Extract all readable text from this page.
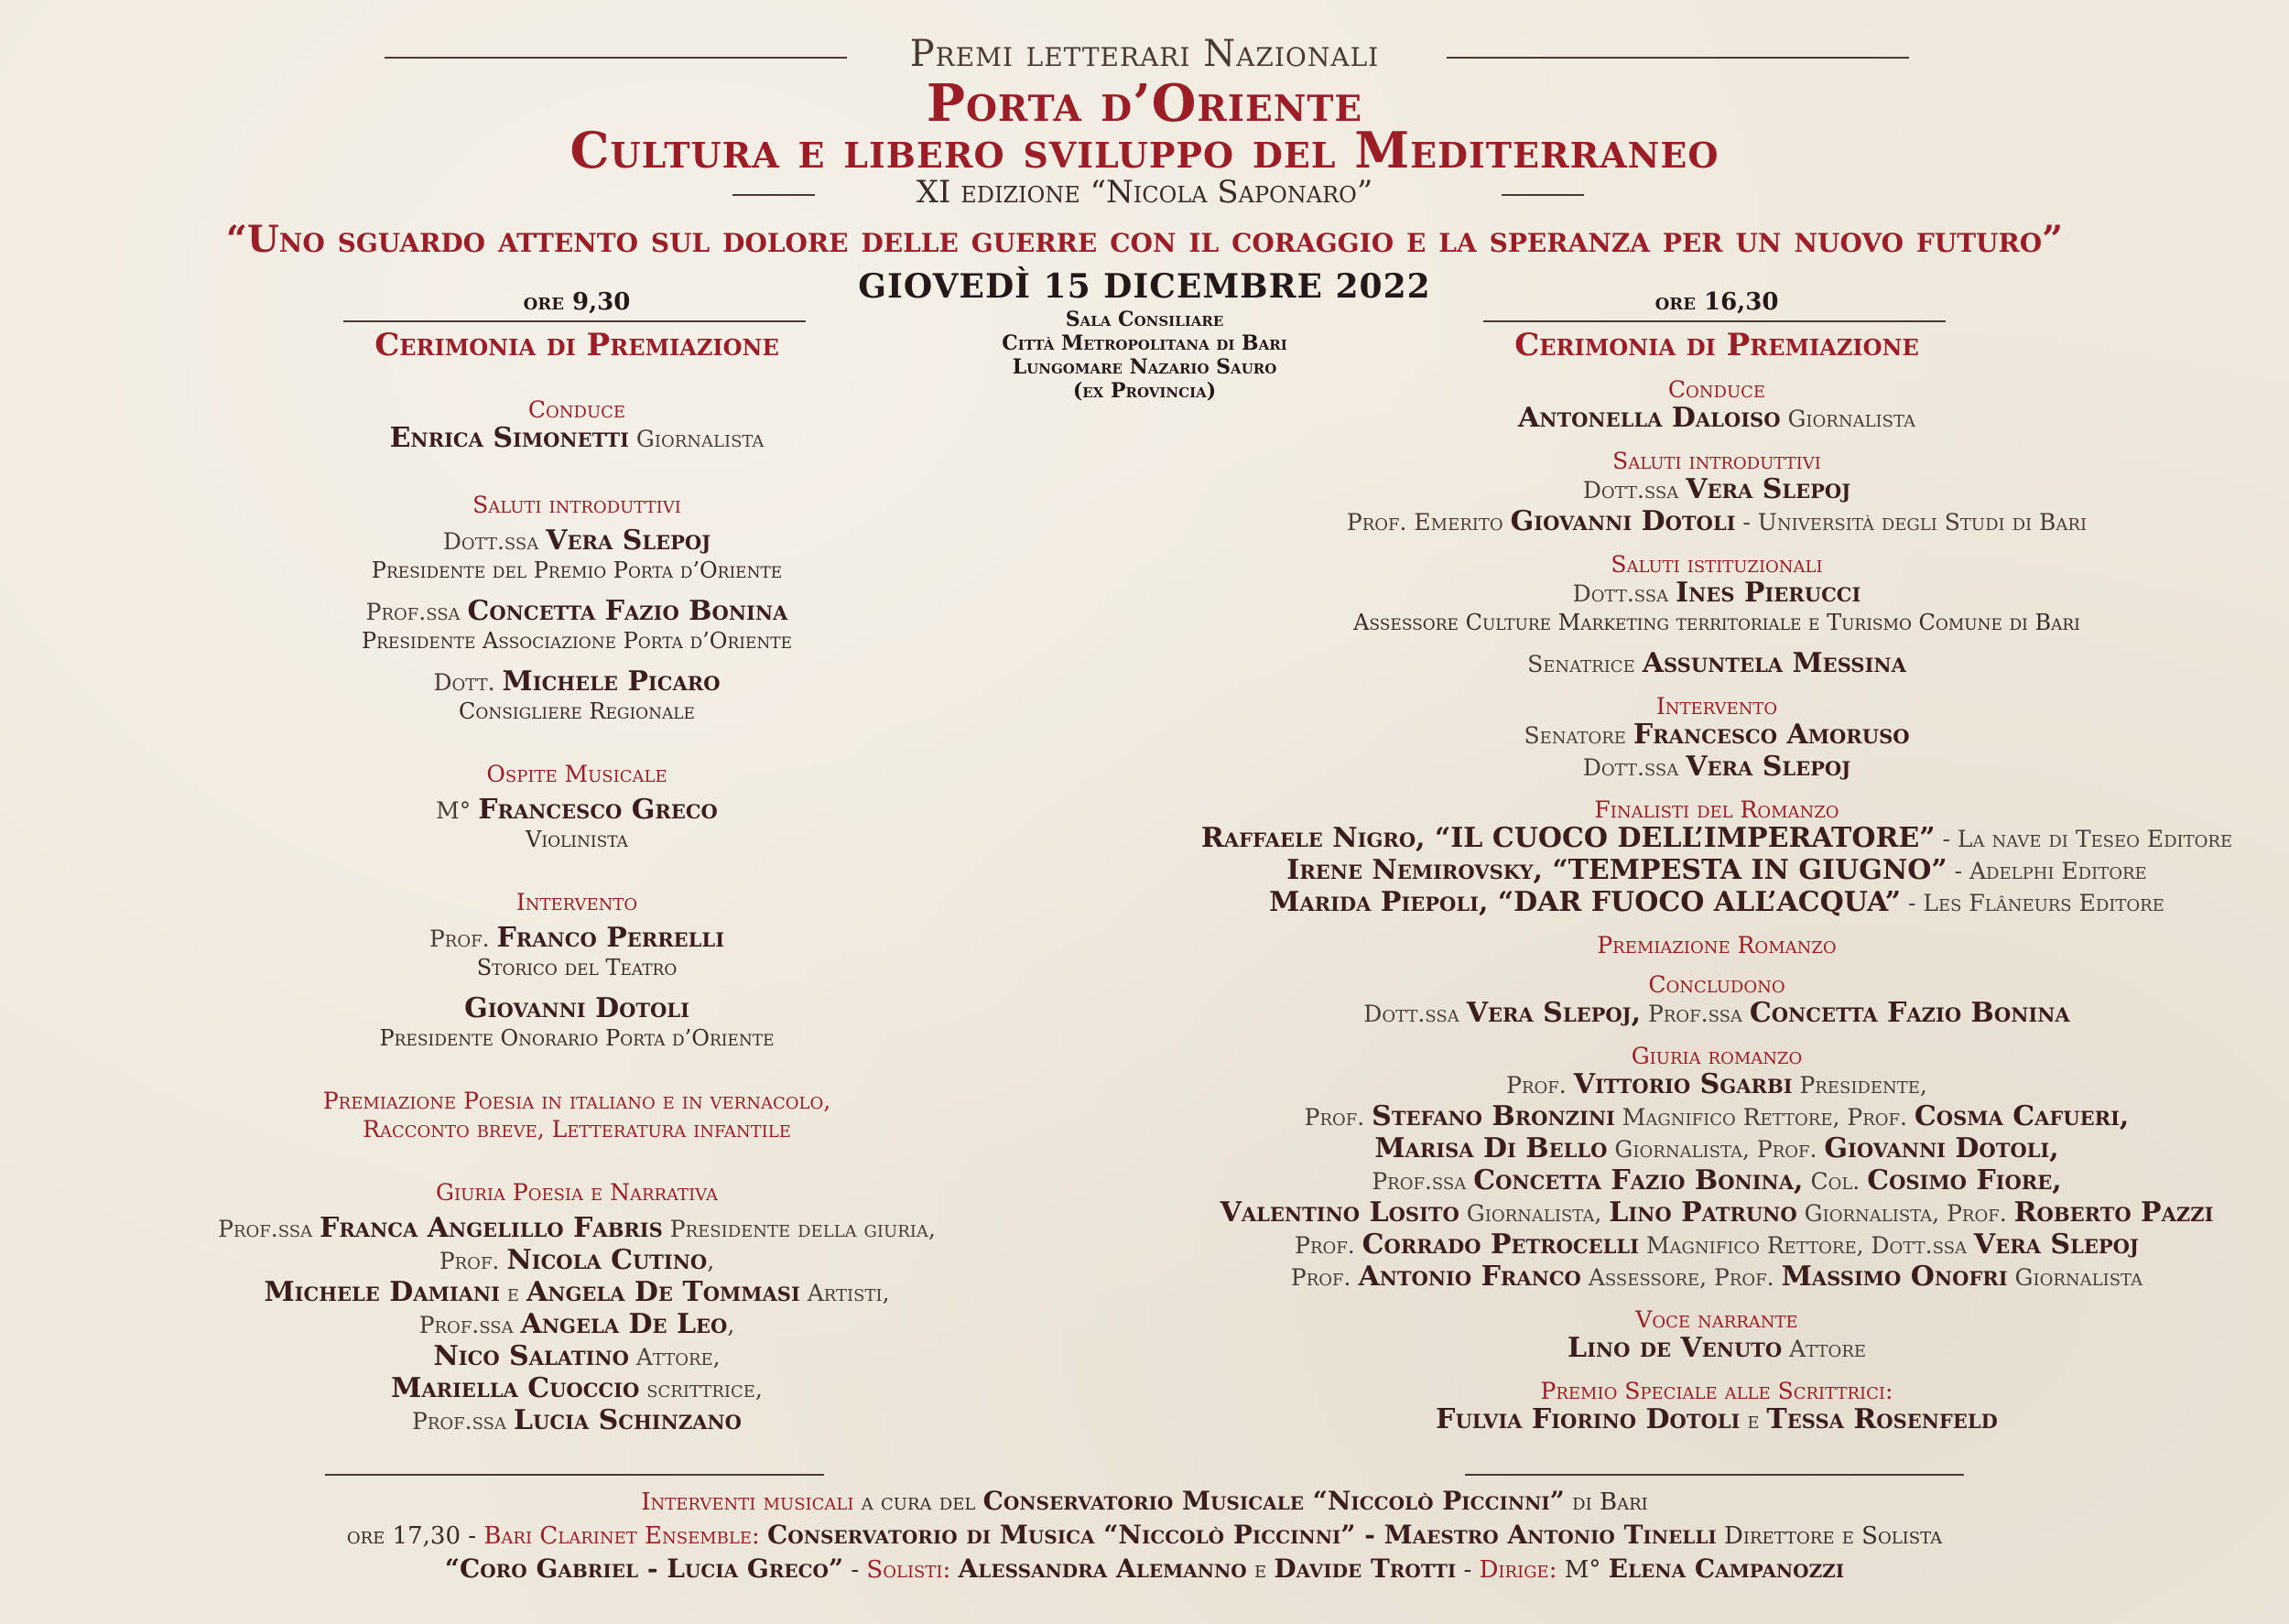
Premi letterari Nazionali
Porta d’Oriente
Cultura e libero sviluppo del Mediterraneo
XI edizione “Nicola Saponaro”
“Uno sguardo attento sul dolore delle guerre con il coraggio e la speranza per un nuovo futuro”
GIOVEDÌ 15 DICEMBRE 2022
Sala Consiliare
Città Metropolitana di Bari
Lungomare Nazario Sauro
(ex Provincia)
ore 9,30
Cerimonia di Premiazione
Conduce
Enrica Simonetti Giornalista
Saluti introduttivi
Dott.ssa Vera Slepoj
Presidente del Premio Porta d’Oriente
Prof.ssa Concetta Fazio Bonina
Presidente Associazione Porta d’Oriente
Dott. Michele Picaro
Consigliere Regionale
Ospite Musicale
M° Francesco Greco
Violinista
Intervento
Prof. Franco Perrelli
Storico del Teatro
Giovanni Dotoli
Presidente Onorario Porta d’Oriente
Premiazione Poesia in italiano e in vernacolo,
Racconto breve, Letteratura infantile
Giuria Poesia e Narrativa
Prof.ssa Franca Angelillo Fabris Presidente della giuria,
Prof. Nicola Cutino,
Michele Damiani e Angela De Tommasi Artisti,
Prof.ssa Angela De Leo,
Nico Salatino Attore,
Mariella Cuoccio scrittrice,
Prof.ssa Lucia Schinzano
ore 16,30
Cerimonia di Premiazione
Conduce
Antonella Daloiso Giornalista
Saluti introduttivi
Dott.ssa Vera Slepoj
Prof. Emerito Giovanni Dotoli - Università degli Studi di Bari
Saluti istituzionali
Dott.ssa Ines Pierucci
Assessore Culture Marketing territoriale e Turismo Comune di Bari
Senatrice Assuntela Messina
Intervento
Senatore Francesco Amoruso
Dott.ssa Vera Slepoj
Finalisti del Romanzo
Raffaele Nigro, “IL CUOCO DELL’IMPERATORE” - La nave di Teseo Editore
Irene Nemirovsky, “TEMPESTA IN GIUGNO” - Adelphi Editore
Marida Piepoli, “DAR FUOCO ALL’ACQUA” - Les Flâneurs Editore
Premiazione Romanzo
Concludono
Dott.ssa Vera Slepoj, Prof.ssa Concetta Fazio Bonina
Giuria romanzo
Prof. Vittorio Sgarbi Presidente,
Prof. Stefano Bronzini Magnifico Rettore, Prof. Cosma Cafueri,
Marisa Di Bello Giornalista, Prof. Giovanni Dotoli,
Prof.ssa Concetta Fazio Bonina, Col. Cosimo Fiore,
Valentino Losito Giornalista, Lino Patruno Giornalista, Prof. Roberto Pazzi
Prof. Corrado Petrocelli Magnifico Rettore, Dott.ssa Vera Slepoj
Prof. Antonio Franco Assessore, Prof. Massimo Onofri Giornalista
Voce narrante
Lino de Venuto Attore
Premio Speciale alle Scrittrici:
Fulvia Fiorino Dotoli e Tessa Rosenfeld
Interventi musicali a cura del Conservatorio Musicale “Niccolò Piccinni” di Bari
ore 17,30 - Bari Clarinet Ensemble: Conservatorio di Musica “Niccolò Piccinni” - Maestro Antonio Tinelli Direttore e Solista
“Coro Gabriel - Lucia Greco” - Solisti: Alessandra Alemanno e Davide Trotti - Dirige: M° Elena Campanozzi
